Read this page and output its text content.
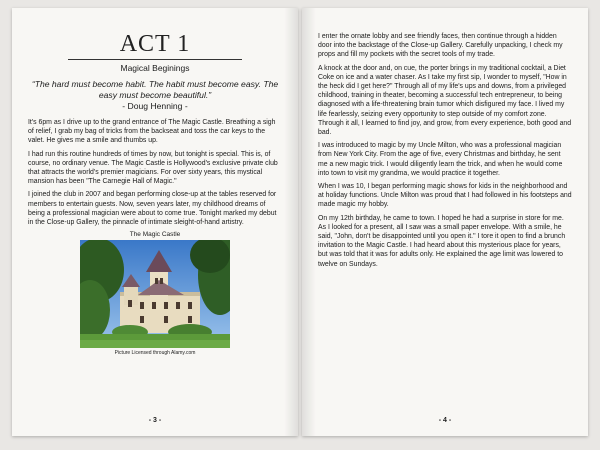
ACT 1
Magical Beginings
“The hard must become habit. The habit must become easy. The easy must become beautiful.”
- Doug Henning -

It's 6pm as I drive up to the grand entrance of The Magic Castle. Breathing a sigh of relief, I grab my bag of tricks from the backseat and toss the car keys to the valet. He gives me a smile and thumbs up.

I had run this routine hundreds of times by now, but tonight is special. This is, of course, no ordinary venue. The Magic Castle is Hollywood's exclusive private club that attracts the world's premier magicians. For over sixty years, this mystical mansion has been "The Carnegie Hall of Magic."

I joined the club in 2007 and began performing close-up at the tables reserved for members to entertain guests. Now, seven years later, my childhood dreams of being a professional magician were about to come true. Tonight marked my debut in the Close-up Gallery, the pinnacle of intimate sleight-of-hand artistry.

The Magic Castle
Picture Licensed through Alamy.com
- 3 -

I enter the ornate lobby and see friendly faces, then continue through a hidden door into the backstage of the Close-up Gallery. Carefully unpacking, I check my props and fill my pockets with the secret tools of my trade.

A knock at the door and, on cue, the porter brings in my traditional cocktail, a Diet Coke on ice and a water chaser. As I take my first sip, I wonder to myself, "How in the heck did I get here?" Through all of my life's ups and downs, from a privileged childhood, training in theater, becoming a successful tech entrepreneur, to being diagnosed with a life-threatening brain tumor which disfigured my face. I lived my life fearlessly, seizing every opportunity to step outside of my comfort zone. Through it all, I learned to find joy, and grow, from every experience, both good and bad.

I was introduced to magic by my Uncle Milton, who was a professional magician from New York City. From the age of five, every Christmas and birthday, he sent me a new magic trick. I would diligently learn the trick, and when he would come into town to visit my grandma, we would practice it together.

When I was 10, I began performing magic shows for kids in the neighborhood and at holiday functions. Uncle Milton was proud that I had followed in his footsteps and made magic my hobby.

On my 12th birthday, he came to town. I hoped he had a surprise in store for me. As I looked for a present, all I saw was a small paper envelope. With a smile, he said, "John, don't be disappointed until you open it." I tore it open to find a brunch invitation to the Magic Castle. I had heard about this mysterious place for years, but was told that it was for adults only. He explained the age limit was lowered to twelve on Sundays.

- 4 -
